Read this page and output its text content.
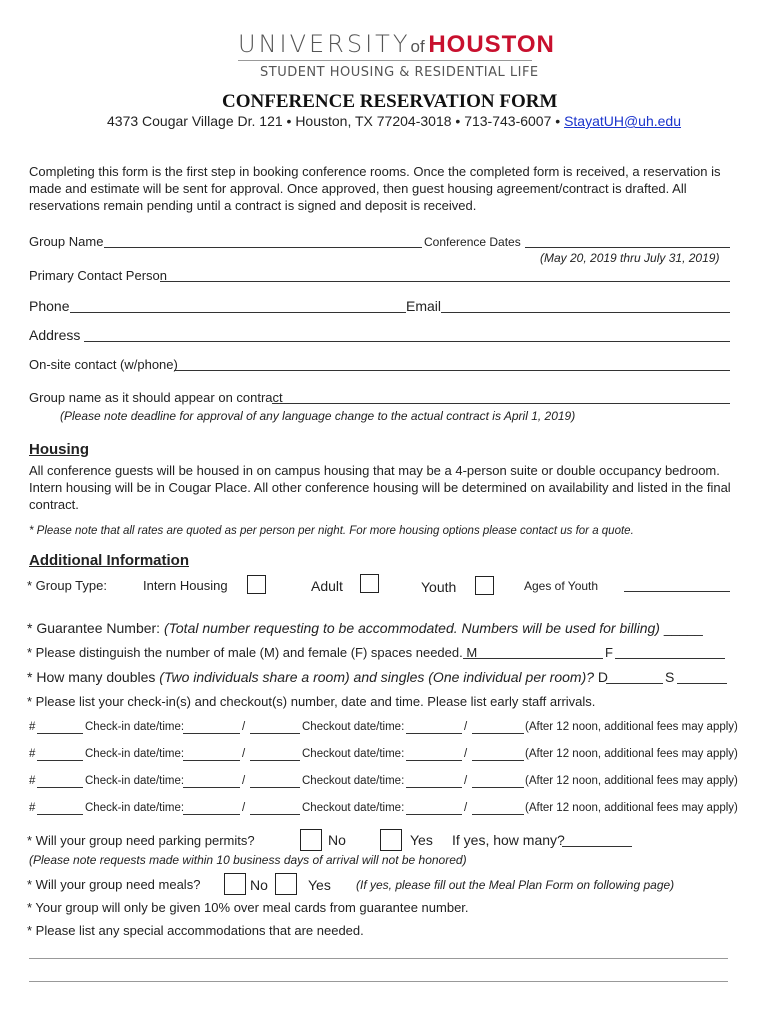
UNIVERSITYof HOUSTON
STUDENT HOUSING & RESIDENTIAL LIFE
CONFERENCE RESERVATION FORM
4373 Cougar Village Dr. 121 • Houston, TX 77204-3018 • 713-743-6007 • StayatUH@uh.edu
Completing this form is the first step in booking conference rooms. Once the completed form is received, a reservation is made and estimate will be sent for approval. Once approved, then guest housing agreement/contract is drafted. All reservations remain pending until a contract is signed and deposit is received.
Group Name	Conference Dates
(May 20, 2019 thru July 31, 2019)
Primary Contact Person
Phone	Email
Address
On-site contact (w/phone)
Group name as it should appear on contract
(Please note deadline for approval of any language change to the actual contract is April 1, 2019)
Housing
All conference guests will be housed in on campus housing that may be a 4-person suite or double occupancy bedroom. Intern housing will be in Cougar Place. All other conference housing will be determined on availability and listed in the final contract.
* Please note that all rates are quoted as per person per night. For more housing options please contact us for a quote.
Additional Information
* Group Type:	Intern Housing	Adult	Youth	Ages of Youth
* Guarantee Number: (Total number requesting to be accommodated. Numbers will be used for billing) _____
* Please distinguish the number of male (M) and female (F) spaces needed. M	F
* How many doubles (Two individuals share a room) and singles (One individual per room)? D	S
* Please list your check-in(s) and checkout(s) number, date and time. Please list early staff arrivals.
#	Check-in date/time:	/	Checkout date/time:	/	(After 12 noon, additional fees may apply)
#	Check-in date/time:	/	Checkout date/time:	/	(After 12 noon, additional fees may apply)
#	Check-in date/time:	/	Checkout date/time:	/	(After 12 noon, additional fees may apply)
#	Check-in date/time:	/	Checkout date/time:	/	(After 12 noon, additional fees may apply)
* Will your group need parking permits?	No	Yes If yes, how many?
(Please note requests made within 10 business days of arrival will not be honored)
* Will your group need meals?	No	Yes (If yes, please fill out the Meal Plan Form on following page)
* Your group will only be given 10% over meal cards from guarantee number.
* Please list any special accommodations that are needed.
